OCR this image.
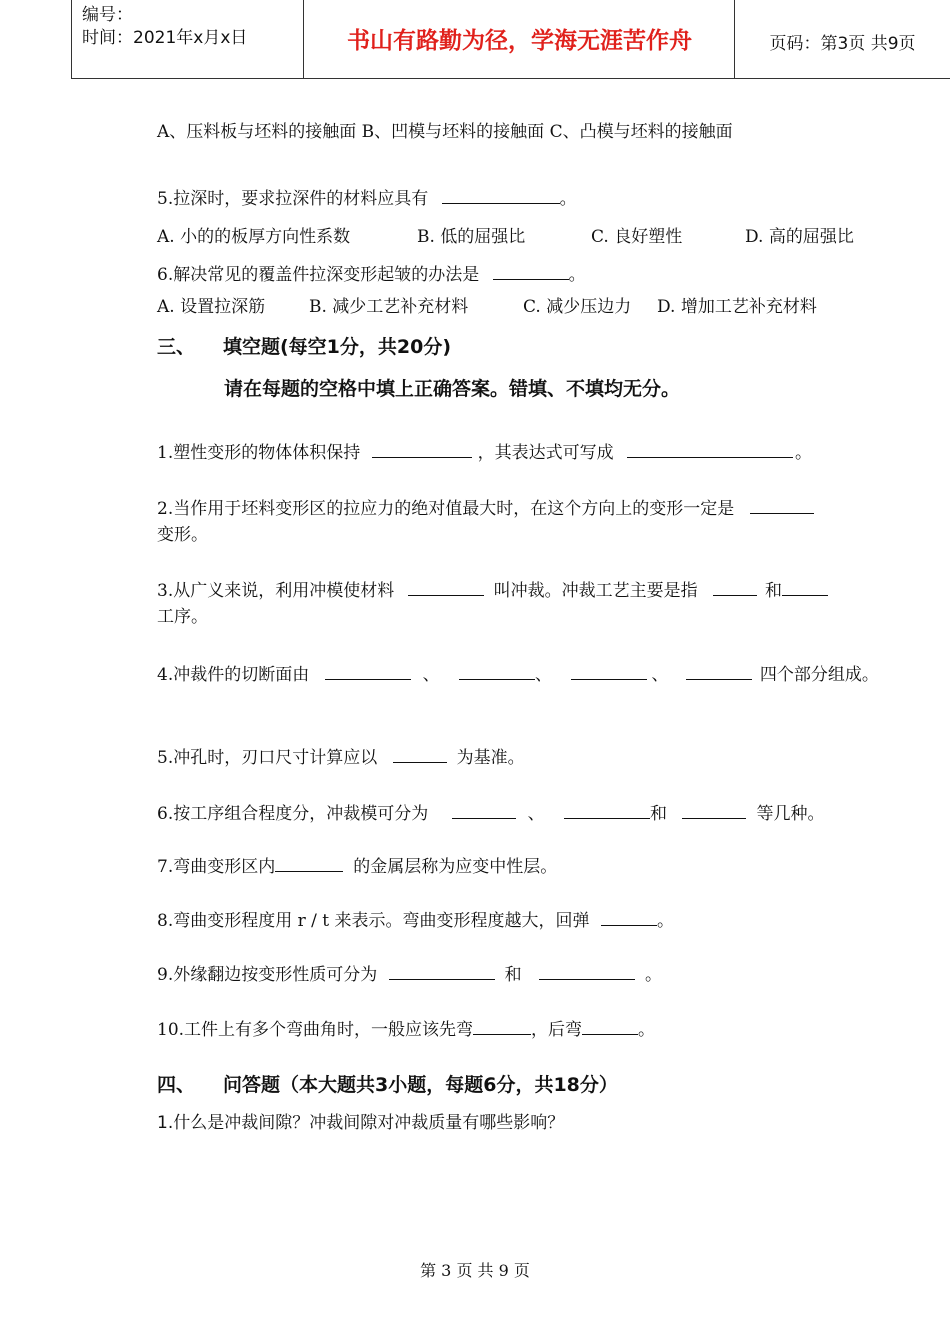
编号：
时间：2021年x月x日	书山有路勤为径，学海无涯苦作舟	页码：第3页 共9页
A、压料板与坯料的接触面 B、凹模与坯料的接触面 C、凸模与坯料的接触面
5.拉深时，要求拉深件的材料应具有	。
A. 小的的板厚方向性系数	B. 低的屈强比	C. 良好塑性	D. 高的屈强比
6.解决常见的覆盖件拉深变形起皱的办法是	。
A. 设置拉深筋	B. 减少工艺补充材料	C. 减少压边力 D. 增加工艺补充材料
三、 填空题(每空1分，共20分)
请在每题的空格中填上正确答案。错填、不填均无分。
1.塑性变形的物体体积保持	，其表达式可写成	。
2.当作用于坯料变形区的拉应力的绝对值最大时，在这个方向上的变形一定是
变形。
3.从广义来说，利用冲模使材料	叫冲裁。冲裁工艺主要是指	和
工序。
4.冲裁件的切断面由	、	、	、	四个部分组成。
5.冲孔时，刃口尺寸计算应以	为基准。
6.按工序组合程度分，冲裁模可分为	、	和	等几种。
7.弯曲变形区内	的金属层称为应变中性层。
8.弯曲变形程度用 r / t 来表示。弯曲变形程度越大，回弹	。
9.外缘翻边按变形性质可分为	和	。
10.工件上有多个弯曲角时，一般应该先弯	，后弯	。
四、 问答题（本大题共3小题，每题6分，共18分）
1.什么是冲裁间隙？冲裁间隙对冲裁质量有哪些影响？
第 3 页 共 9 页
